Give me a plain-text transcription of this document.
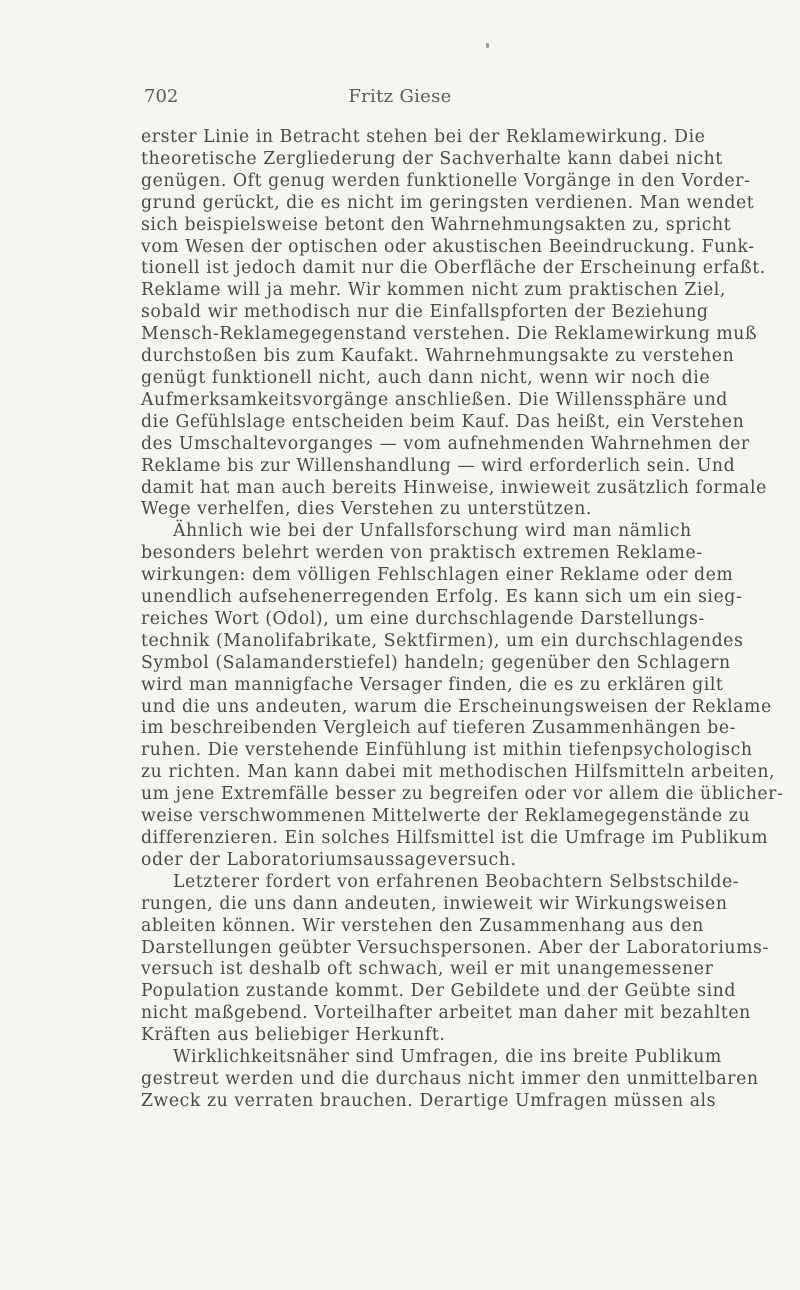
702	Fritz Giese

erster Linie in Betracht stehen bei der Reklamewirkung. Die
theoretische Zergliederung der Sachverhalte kann dabei nicht
genügen. Oft genug werden funktionelle Vorgänge in den Vorder-
grund gerückt, die es nicht im geringsten verdienen. Man wendet
sich beispielsweise betont den Wahrnehmungsakten zu, spricht
vom Wesen der optischen oder akustischen Beeindruckung. Funk-
tionell ist jedoch damit nur die Oberfläche der Erscheinung erfaßt.
Reklame will ja mehr. Wir kommen nicht zum praktischen Ziel,
sobald wir methodisch nur die Einfallspforten der Beziehung
Mensch-Reklamegegenstand verstehen. Die Reklamewirkung muß
durchstoßen bis zum Kaufakt. Wahrnehmungsakte zu verstehen
genügt funktionell nicht, auch dann nicht, wenn wir noch die
Aufmerksamkeitsvorgänge anschließen. Die Willenssphäre und
die Gefühlslage entscheiden beim Kauf. Das heißt, ein Verstehen
des Umschaltevorganges — vom aufnehmenden Wahrnehmen der
Reklame bis zur Willenshandlung — wird erforderlich sein. Und
damit hat man auch bereits Hinweise, inwieweit zusätzlich formale
Wege verhelfen, dies Verstehen zu unterstützen.

Ähnlich wie bei der Unfallsforschung wird man nämlich
besonders belehrt werden von praktisch extremen Reklame-
wirkungen: dem völligen Fehlschlagen einer Reklame oder dem
unendlich aufsehenerregenden Erfolg. Es kann sich um ein sieg-
reiches Wort (Odol), um eine durchschlagende Darstellungs-
technik (Manolifabrikate, Sektfirmen), um ein durchschlagendes
Symbol (Salamanderstiefel) handeln; gegenüber den Schlagern
wird man mannigfache Versager finden, die es zu erklären gilt
und die uns andeuten, warum die Erscheinungsweisen der Reklame
im beschreibenden Vergleich auf tieferen Zusammenhängen be-
ruhen. Die verstehende Einfühlung ist mithin tiefenpsychologisch
zu richten. Man kann dabei mit methodischen Hilfsmitteln arbeiten,
um jene Extremfälle besser zu begreifen oder vor allem die üblicher-
weise verschwommenen Mittelwerte der Reklamegegenstände zu
differenzieren. Ein solches Hilfsmittel ist die Umfrage im Publikum
oder der Laboratoriumsaussageversuch.

Letzterer fordert von erfahrenen Beobachtern Selbstschilde-
rungen, die uns dann andeuten, inwieweit wir Wirkungsweisen
ableiten können. Wir verstehen den Zusammenhang aus den
Darstellungen geübter Versuchspersonen. Aber der Laboratoriums-
versuch ist deshalb oft schwach, weil er mit unangemessener
Population zustande kommt. Der Gebildete und der Geübte sind
nicht maßgebend. Vorteilhafter arbeitet man daher mit bezahlten
Kräften aus beliebiger Herkunft.

Wirklichkeitsnäher sind Umfragen, die ins breite Publikum
gestreut werden und die durchaus nicht immer den unmittelbaren
Zweck zu verraten brauchen. Derartige Umfragen müssen als
